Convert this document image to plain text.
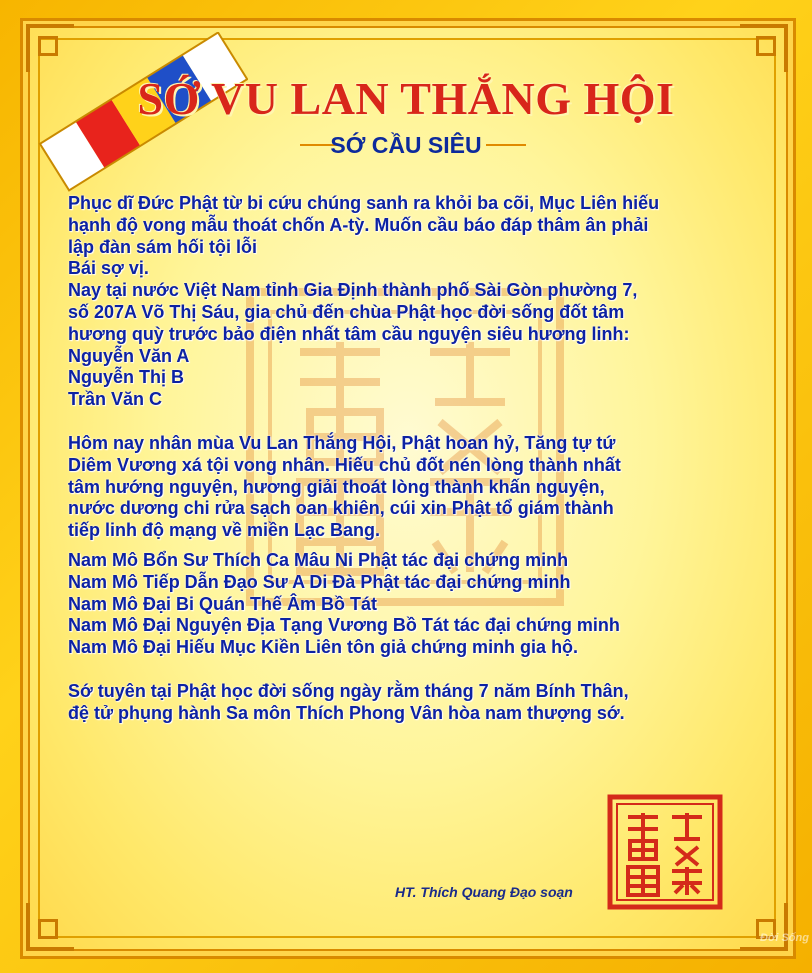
SỚ VU LAN THẮNG HỘI
SỚ CẦU SIÊU
Phục dĩ Đức Phật từ bi cứu chúng sanh ra khỏi ba cõi, Mục Liên hiếu
hạnh độ vong mẫu thoát chốn A-tỳ. Muốn cầu báo đáp thâm ân phải
lập đàn sám hối tội lỗi
Bái sợ vị.
Nay tại nước Việt Nam tỉnh Gia Định thành phố Sài Gòn phường 7,
số 207A Võ Thị Sáu, gia chủ đến chùa Phật học đời sống đốt tâm
hương quỳ trước bảo điện nhất tâm cầu nguyện siêu hương linh:
Nguyễn Văn A
Nguyễn Thị B
Trần Văn C
Hôm nay nhân mùa Vu Lan Thắng Hội, Phật hoan hỷ, Tăng tự tứ
Diêm Vương xá tội vong nhân. Hiếu chủ đốt nén lòng thành nhất
tâm hướng nguyện, hương giải thoát lòng thành khấn nguyện,
nước dương chi rửa sạch oan khiên, cúi xin Phật tổ giám thành
tiếp linh độ mạng về miền Lạc Bang.
Nam Mô Bổn Sư Thích Ca Mâu Ni Phật tác đại chứng minh
Nam Mô Tiếp Dẫn Đạo Sư A Di Đà Phật tác đại chứng minh
Nam Mô Đại Bi Quán Thế Âm Bồ Tát
Nam Mô Đại Nguyện Địa Tạng Vương Bồ Tát tác đại chứng minh
Nam Mô Đại Hiếu Mục Kiền Liên tôn giả chứng minh gia hộ.
Sớ tuyên tại Phật học đời sống ngày rằm tháng 7 năm Bính Thân,
đệ tử phụng hành Sa môn Thích Phong Vân hòa nam thượng sớ.
HT. Thích Quang Đạo soạn
Đời Sống
